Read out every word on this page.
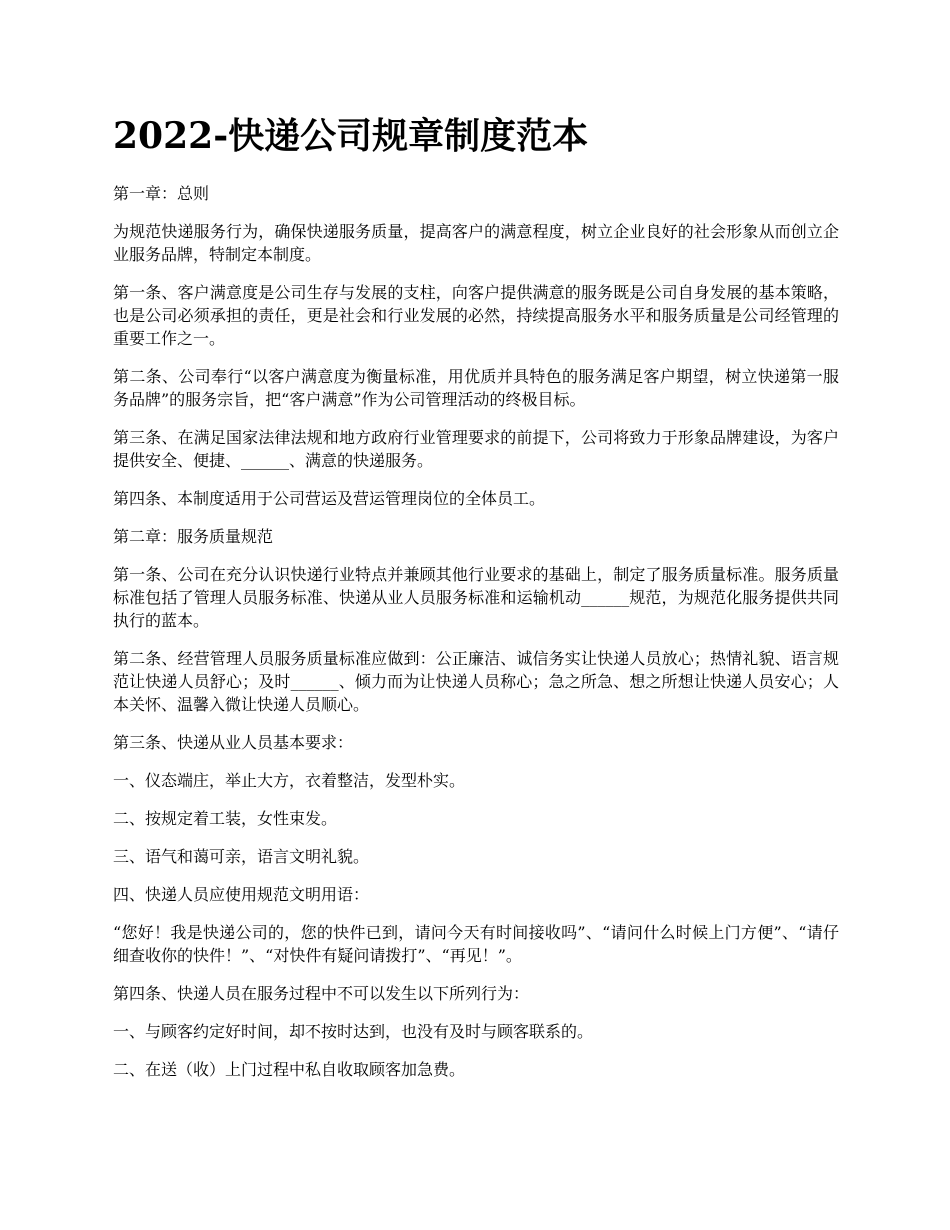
2022-快递公司规章制度范本

第一章：总则

为规范快递服务行为，确保快递服务质量，提高客户的满意程度，树立企业良好的社会形象从而创立企业服务品牌，特制定本制度。

第一条、客户满意度是公司生存与发展的支柱，向客户提供满意的服务既是公司自身发展的基本策略，也是公司必须承担的责任，更是社会和行业发展的必然，持续提高服务水平和服务质量是公司经管理的重要工作之一。

第二条、公司奉行“以客户满意度为衡量标准，用优质并具特色的服务满足客户期望，树立快递第一服务品牌”的服务宗旨，把“客户满意”作为公司管理活动的终极目标。

第三条、在满足国家法律法规和地方政府行业管理要求的前提下，公司将致力于形象品牌建设，为客户提供安全、便捷、______、满意的快递服务。

第四条、本制度适用于公司营运及营运管理岗位的全体员工。

第二章：服务质量规范

第一条、公司在充分认识快递行业特点并兼顾其他行业要求的基础上，制定了服务质量标准。服务质量标准包括了管理人员服务标准、快递从业人员服务标准和运输机动______规范，为规范化服务提供共同执行的蓝本。

第二条、经营管理人员服务质量标准应做到：公正廉洁、诚信务实让快递人员放心；热情礼貌、语言规范让快递人员舒心；及时______、倾力而为让快递人员称心；急之所急、想之所想让快递人员安心；人本关怀、温馨入微让快递人员顺心。

第三条、快递从业人员基本要求：

一、仪态端庄，举止大方，衣着整洁，发型朴实。

二、按规定着工装，女性束发。

三、语气和蔼可亲，语言文明礼貌。

四、快递人员应使用规范文明用语：

“您好！我是快递公司的，您的快件已到，请问今天有时间接收吗”、“请问什么时候上门方便”、“请仔细查收你的快件！”、“对快件有疑问请拨打”、“再见！”。

第四条、快递人员在服务过程中不可以发生以下所列行为：

一、与顾客约定好时间，却不按时达到，也没有及时与顾客联系的。

二、在送（收）上门过程中私自收取顾客加急费。
